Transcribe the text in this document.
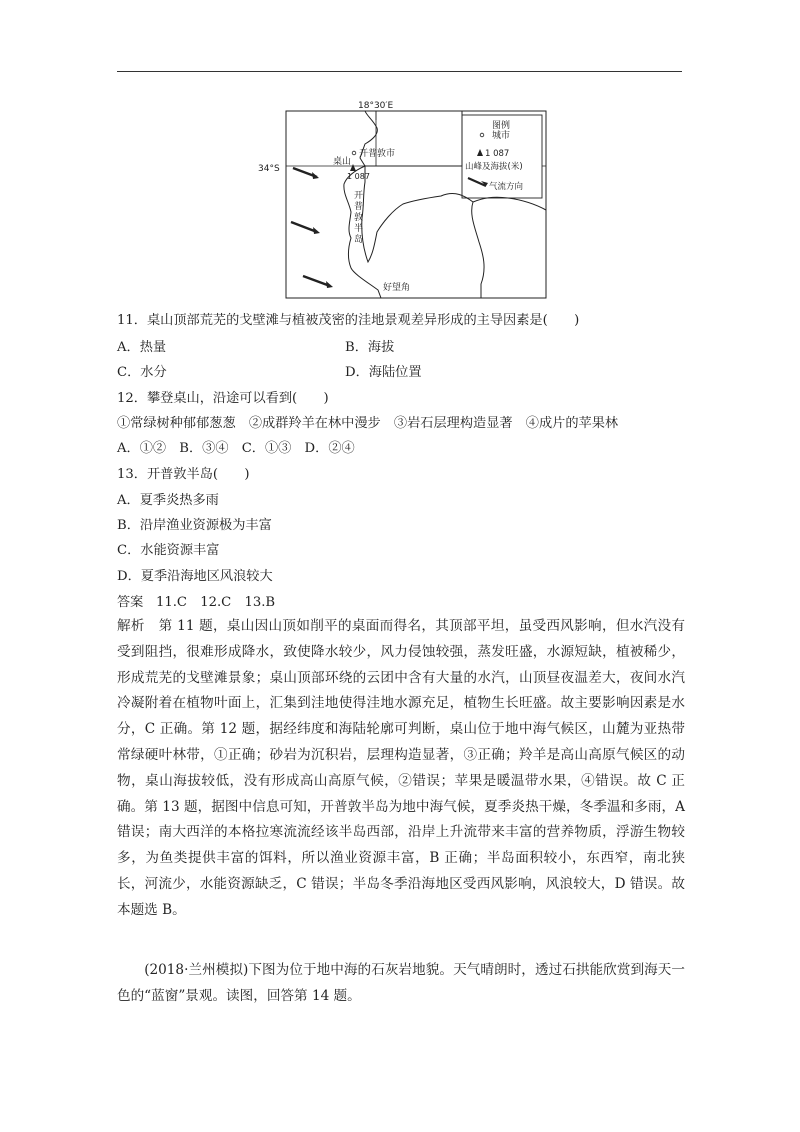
18°30′E
34°S
图例
城市
1 087
山峰及海拔(米)
气流方向
开普敦市
桌山
1 087
开
普
敦
半
岛
好望角
11．桌山顶部荒芜的戈壁滩与植被茂密的洼地景观差异形成的主导因素是(　　)
A．热量	B．海拔
C．水分	D．海陆位置
12．攀登桌山，沿途可以看到(　　)
①常绿树种郁郁葱葱　②成群羚羊在林中漫步　③岩石层理构造显著　④成片的苹果林
A．①②　B．③④　C．①③　D．②④
13．开普敦半岛(　　)
A．夏季炎热多雨
B．沿岸渔业资源极为丰富
C．水能资源丰富
D．夏季沿海地区风浪较大
答案 11.C　12.C　13.B
解析 第 11 题，桌山因山顶如削平的桌面而得名，其顶部平坦，虽受西风影响，但水汽没有受到阻挡，很难形成降水，致使降水较少，风力侵蚀较强，蒸发旺盛，水源短缺，植被稀少，形成荒芜的戈壁滩景象；桌山顶部环绕的云团中含有大量的水汽，山顶昼夜温差大，夜间水汽冷凝附着在植物叶面上，汇集到洼地使得洼地水源充足，植物生长旺盛。故主要影响因素是水分，C 正确。第 12 题，据经纬度和海陆轮廓可判断，桌山位于地中海气候区，山麓为亚热带常绿硬叶林带，①正确；砂岩为沉积岩，层理构造显著，③正确；羚羊是高山高原气候区的动物，桌山海拔较低，没有形成高山高原气候，②错误；苹果是暖温带水果，④错误。故 C 正确。第 13 题，据图中信息可知，开普敦半岛为地中海气候，夏季炎热干燥，冬季温和多雨，A 错误；南大西洋的本格拉寒流流经该半岛西部，沿岸上升流带来丰富的营养物质，浮游生物较多，为鱼类提供丰富的饵料，所以渔业资源丰富，B 正确；半岛面积较小，东西窄，南北狭长，河流少，水能资源缺乏，C 错误；半岛冬季沿海地区受西风影响，风浪较大，D 错误。故本题选 B。
(2018·兰州模拟)下图为位于地中海的石灰岩地貌。天气晴朗时，透过石拱能欣赏到海天一色的“蓝窗”景观。读图，回答第 14 题。
